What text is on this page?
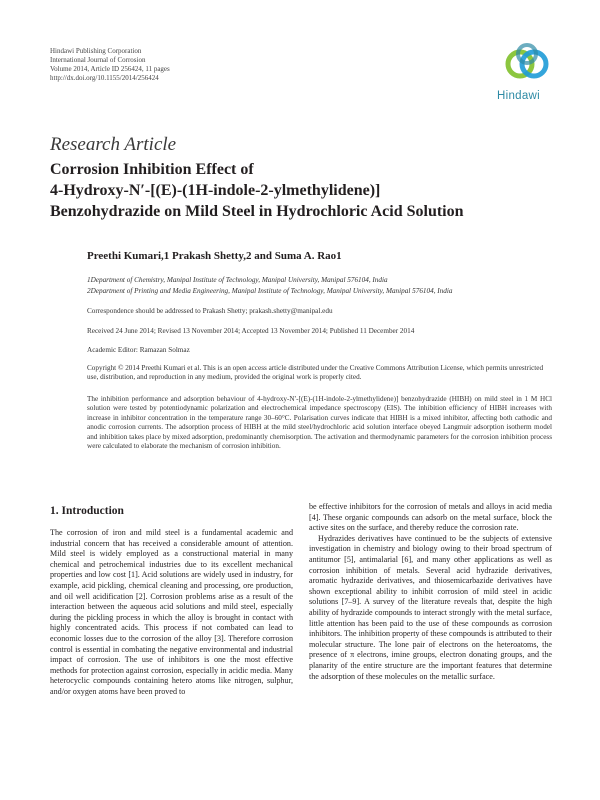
Hindawi Publishing Corporation
International Journal of Corrosion
Volume 2014, Article ID 256424, 11 pages
http://dx.doi.org/10.1155/2014/256424
Hindawi
Research Article
Corrosion Inhibition Effect of
4-Hydroxy-N′-[(E)-(1H-indole-2-ylmethylidene)]
Benzohydrazide on Mild Steel in Hydrochloric Acid Solution
Preethi Kumari,1 Prakash Shetty,2 and Suma A. Rao1
1Department of Chemistry, Manipal Institute of Technology, Manipal University, Manipal 576104, India
2Department of Printing and Media Engineering, Manipal Institute of Technology, Manipal University, Manipal 576104, India
Correspondence should be addressed to Prakash Shetty; prakash.shetty@manipal.edu
Received 24 June 2014; Revised 13 November 2014; Accepted 13 November 2014; Published 11 December 2014
Academic Editor: Ramazan Solmaz
Copyright © 2014 Preethi Kumari et al. This is an open access article distributed under the Creative Commons Attribution License, which permits unrestricted use, distribution, and reproduction in any medium, provided the original work is properly cited.
The inhibition performance and adsorption behaviour of 4-hydroxy-N′-[(E)-(1H-indole-2-ylmethylidene)] benzohydrazide (HIBH) on mild steel in 1 M HCl solution were tested by potentiodynamic polarization and electrochemical impedance spectroscopy (EIS). The inhibition efficiency of HIBH increases with increase in inhibitor concentration in the temperature range 30–60°C. Polarisation curves indicate that HIBH is a mixed inhibitor, affecting both cathodic and anodic corrosion currents. The adsorption process of HIBH at the mild steel/hydrochloric acid solution interface obeyed Langmuir adsorption isotherm model and inhibition takes place by mixed adsorption, predominantly chemisorption. The activation and thermodynamic parameters for the corrosion inhibition process were calculated to elaborate the mechanism of corrosion inhibition.
1. Introduction

The corrosion of iron and mild steel is a fundamental academic and industrial concern that has received a considerable amount of attention. Mild steel is widely employed as a constructional material in many chemical and petrochemical industries due to its excellent mechanical properties and low cost [1]. Acid solutions are widely used in industry, for example, acid pickling, chemical cleaning and processing, ore production, and oil well acidification [2]. Corrosion problems arise as a result of the interaction between the aqueous acid solutions and mild steel, especially during the pickling process in which the alloy is brought in contact with highly concentrated acids. This process if not combated can lead to economic losses due to the corrosion of the alloy [3]. Therefore corrosion control is essential in combating the negative environmental and industrial impact of corrosion. The use of inhibitors is one the most effective methods for protection against corrosion, especially in acidic media. Many heterocyclic compounds containing hetero atoms like nitrogen, sulphur, and/or oxygen atoms have been proved to

be effective inhibitors for the corrosion of metals and alloys in acid media [4]. These organic compounds can adsorb on the metal surface, block the active sites on the surface, and thereby reduce the corrosion rate.

Hydrazides derivatives have continued to be the subjects of extensive investigation in chemistry and biology owing to their broad spectrum of antitumor [5], antimalarial [6], and many other applications as well as corrosion inhibition of metals. Several acid hydrazide derivatives, aromatic hydrazide derivatives, and thiosemicarbazide derivatives have shown exceptional ability to inhibit corrosion of mild steel in acidic solutions [7–9]. A survey of the literature reveals that, despite the high ability of hydrazide compounds to interact strongly with the metal surface, little attention has been paid to the use of these compounds as corrosion inhibitors. The inhibition property of these compounds is attributed to their molecular structure. The lone pair of electrons on the heteroatoms, the presence of π electrons, imine groups, electron donating groups, and the planarity of the entire structure are the important features that determine the adsorption of these molecules on the metallic surface.
